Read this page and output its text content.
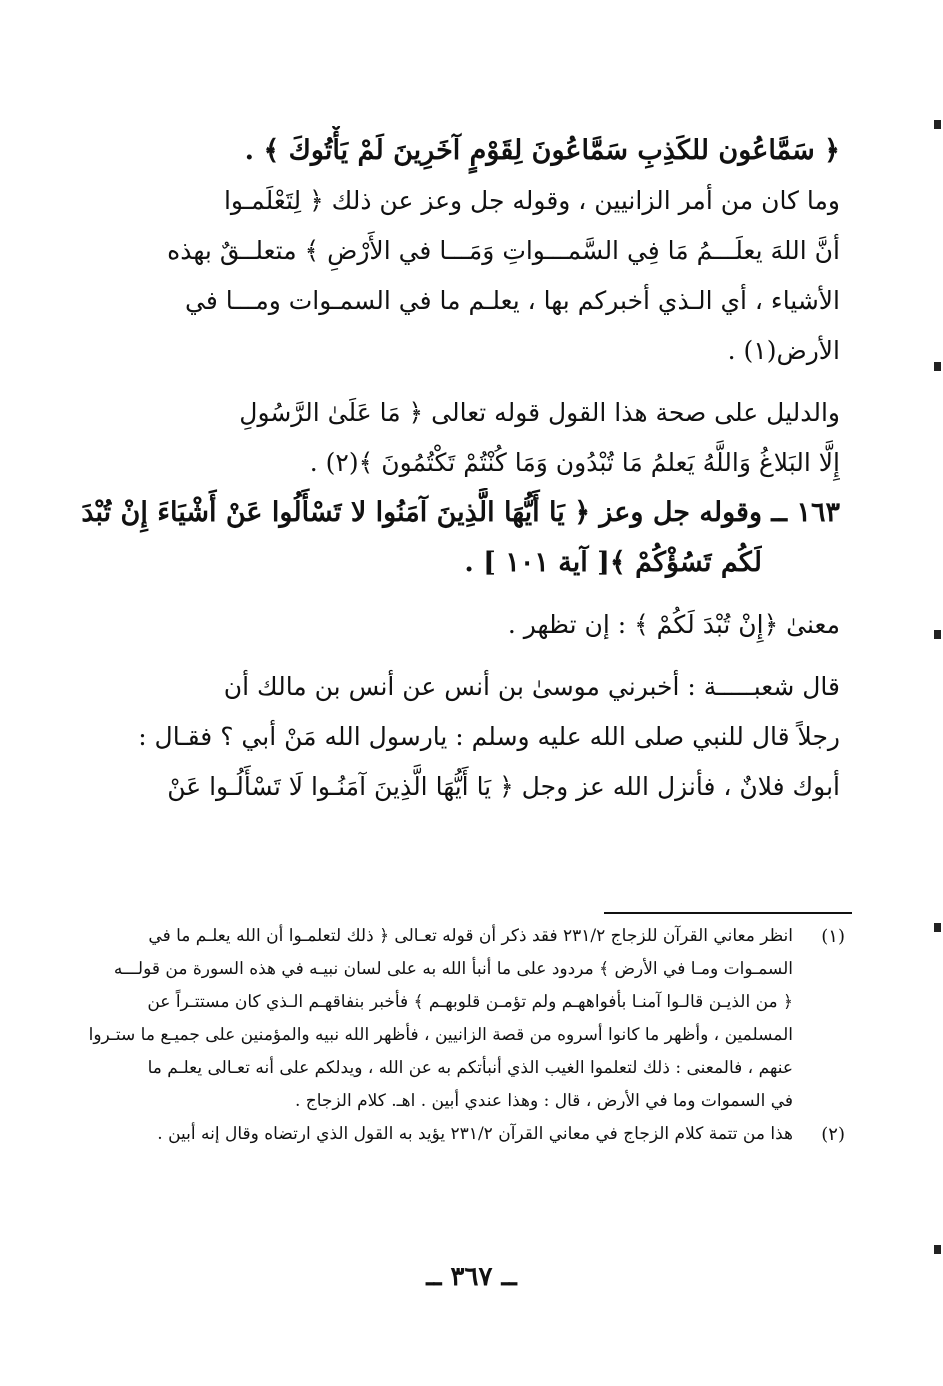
﴿ سَمَّاعُون للكَذِبِ سَمَّاعُونَ لِقَوْمٍ آخَرِينَ لَمْ يَأْتُوكَ ﴾ .
وما كان من أمر الزانيين ، وقوله جل وعز عن ذلك ﴿ لِتَعْلَمـوا
أنَّ اللهَ يعلَـــمُ مَا فِي السَّمـــواتِ وَمَـــا في الأَرْضِ ﴾ متعلــقٌ بهذه
الأشياء ، أي الـذي أخبركم بها ، يعلـم ما في السمـوات ومـــا في
الأرض(١) .
والدليل على صحة هذا القول قوله تعالى ﴿ مَا عَلَىٰ الرَّسُولِ
إِلَّا البَلاغُ وَاللَّهُ يَعلمُ مَا تُبْدُون وَمَا كُنْتُمْ تَكْتُمُونَ ﴾(٢) .
١٦٣ ــ
وقوله جل وعز ﴿ يَا أَيُّهَا الَّذِينَ آمَنُوا لا تَسْأَلُوا عَنْ أَشْيَاءَ إِنْ تُبْدَ
لَكُم تَسُؤْكُمْ ﴾[ آية ١٠١ ] .
معنىٰ ﴿إِنْ تُبْدَ لَكُمْ ﴾ : إن تظهر .
قال شعبـــــة : أخبرني موسىٰ بن أنس عن أنس بن مالك أن
رجلاً قال للنبي صلى الله عليه وسلم : يارسول الله مَنْ أبي ؟ فقـال :
أبوك فلانٌ ، فأنزل الله عز وجل ﴿ يَا أَيُّهَا الَّذِينَ آمَنُـوا لَا تَسْأَلُـوا عَنْ
(١)
انظر معاني القرآن للزجاج ٢٣١/٢ فقد ذكر أن قوله تعـالى ﴿ ذلك لتعلمـوا أن الله يعلـم ما في
السمـوات ومـا في الأرض ﴾ مردود على ما أنبأ الله به على لسان نبيـه في هذه السورة من قولـــه
﴿ من الذيـن قالـوا آمنـا بأفواههـم ولم تؤمـن قلوبهـم ﴾ فأخبر بنفاقهـم الـذي كان مستتـراً عن
المسلمين ، وأظهر ما كانوا أسروه من قصة الزانيين ، فأظهر الله نبيه والمؤمنين على جميـع ما ستـروا
عنهم ، فالمعنى : ذلك لتعلموا الغيب الذي أنبأتكم به عن الله ، ويدلكم على أنه تعـالى يعلـم ما
في السموات وما في الأرض ، قال : وهذا عندي أبين . اهـ. كلام الزجاج .
(٢)
هذا من تتمة كلام الزجاج في معاني القرآن ٢٣١/٢ يؤيد به القول الذي ارتضاه وقال إنه أبين .
ــ ٣٦٧ ــ
